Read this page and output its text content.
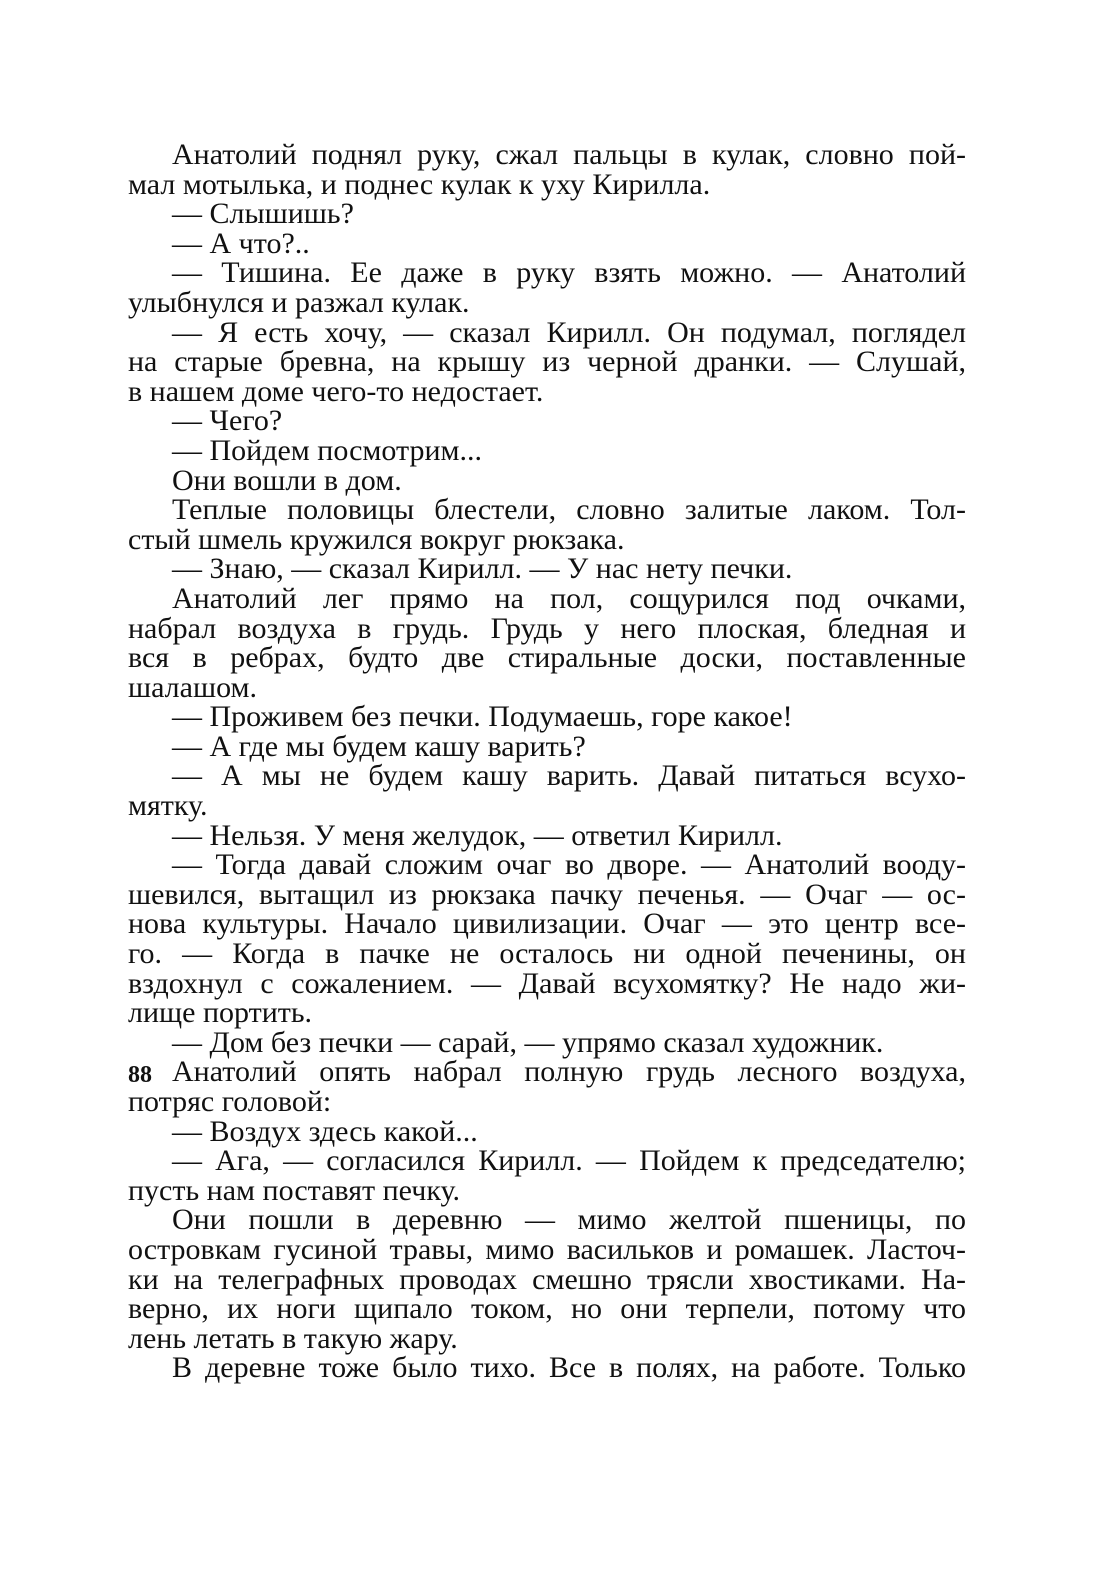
Анатолий поднял руку, сжал пальцы в кулак, словно пой-
мал мотылька, и поднес кулак к уху Кирилла.
— Слышишь?
— А что?..
— Тишина. Ее даже в руку взять можно. — Анатолий
улыбнулся и разжал кулак.
— Я есть хочу, — сказал Кирилл. Он подумал, поглядел
на старые бревна, на крышу из черной дранки. — Слушай,
в нашем доме чего-то недостает.
— Чего?
— Пойдем посмотрим...
Они вошли в дом.
Теплые половицы блестели, словно залитые лаком. Тол-
стый шмель кружился вокруг рюкзака.
— Знаю, — сказал Кирилл. — У нас нету печки.
Анатолий лег прямо на пол, сощурился под очками,
набрал воздуха в грудь. Грудь у него плоская, бледная и
вся в ребрах, будто две стиральные доски, поставленные
шалашом.
— Проживем без печки. Подумаешь, горе какое!
— А где мы будем кашу варить?
— А мы не будем кашу варить. Давай питаться всухо-
мятку.
— Нельзя. У меня желудок, — ответил Кирилл.
— Тогда давай сложим очаг во дворе. — Анатолий вооду-
шевился, вытащил из рюкзака пачку печенья. — Очаг — ос-
нова культуры. Начало цивилизации. Очаг — это центр все-
го. — Когда в пачке не осталось ни одной печенины, он
вздохнул с сожалением. — Давай всухомятку? Не надо жи-
лище портить.
— Дом без печки — сарай, — упрямо сказал художник.
Анатолий опять набрал полную грудь лесного воздуха,
потряс головой:
— Воздух здесь какой...
— Ага, — согласился Кирилл. — Пойдем к председателю;
пусть нам поставят печку.
Они пошли в деревню — мимо желтой пшеницы, по
островкам гусиной травы, мимо васильков и ромашек. Ласточ-
ки на телеграфных проводах смешно трясли хвостиками. На-
верно, их ноги щипало током, но они терпели, потому что
лень летать в такую жару.
В деревне тоже было тихо. Все в полях, на работе. Только
88
